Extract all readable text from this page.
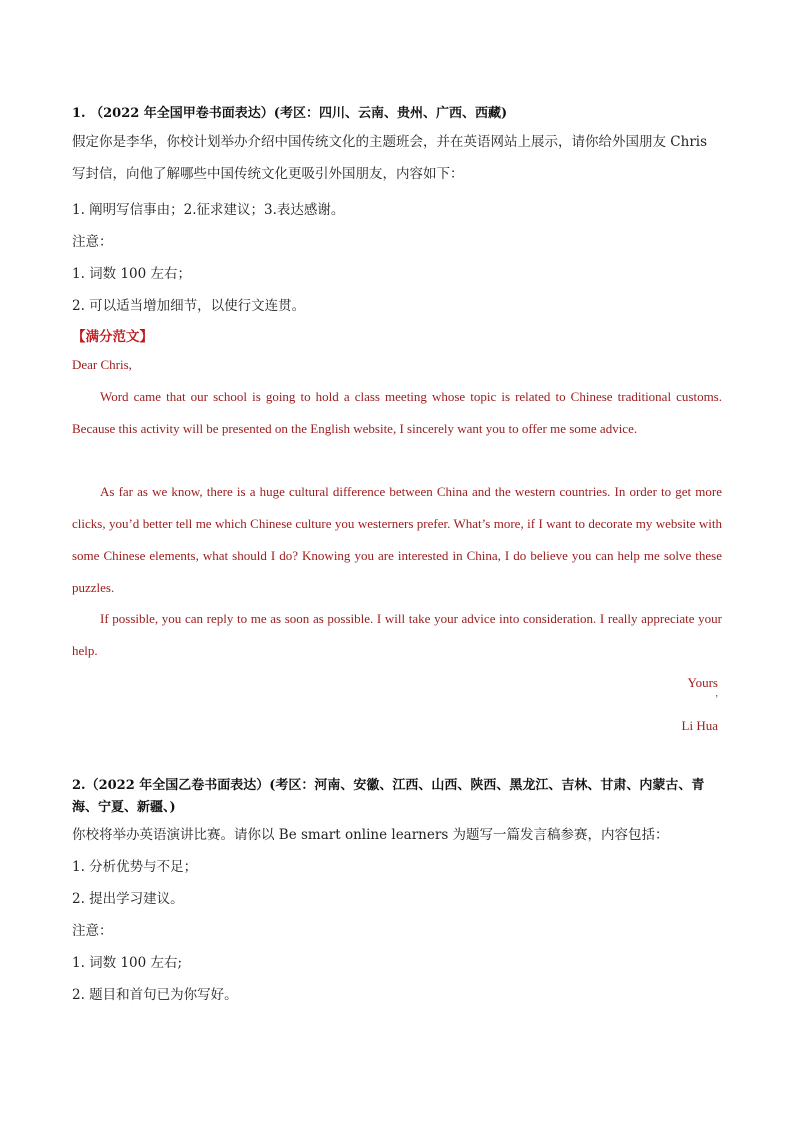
1. （2022 年全国甲卷书面表达）(考区：四川、云南、贵州、广西、西藏)

假定你是李华，你校计划举办介绍中国传统文化的主题班会，并在英语网站上展示，请你给外国朋友 Chris 写封信，向他了解哪些中国传统文化更吸引外国朋友，内容如下：

1. 阐明写信事由；2.征求建议；3.表达感谢。

注意：

1. 词数 100 左右；

2. 可以适当增加细节，以使行文连贯。

【满分范文】

Dear Chris,

Word came that our school is going to hold a class meeting whose topic is related to Chinese traditional customs. Because this activity will be presented on the English website, I sincerely want you to offer me some advice.

As far as we know, there is a huge cultural difference between China and the western countries. In order to get more clicks, you’d better tell me which Chinese culture you westerners prefer. What’s more, if I want to decorate my website with some Chinese elements, what should I do? Knowing you are interested in China, I do believe you can help me solve these puzzles.

If possible, you can reply to me as soon as possible. I will take your advice into consideration. I really appreciate your help.

Yours
,
Li Hua

2.（2022 年全国乙卷书面表达）(考区：河南、安徽、江西、山西、陕西、黑龙江、吉林、甘肃、内蒙古、青海、宁夏、新疆、)

你校将举办英语演讲比赛。请你以 Be smart online learners 为题写一篇发言稿参赛，内容包括：

1. 分析优势与不足；

2. 提出学习建议。

注意：

1. 词数 100 左右;

2. 题目和首句已为你写好。
